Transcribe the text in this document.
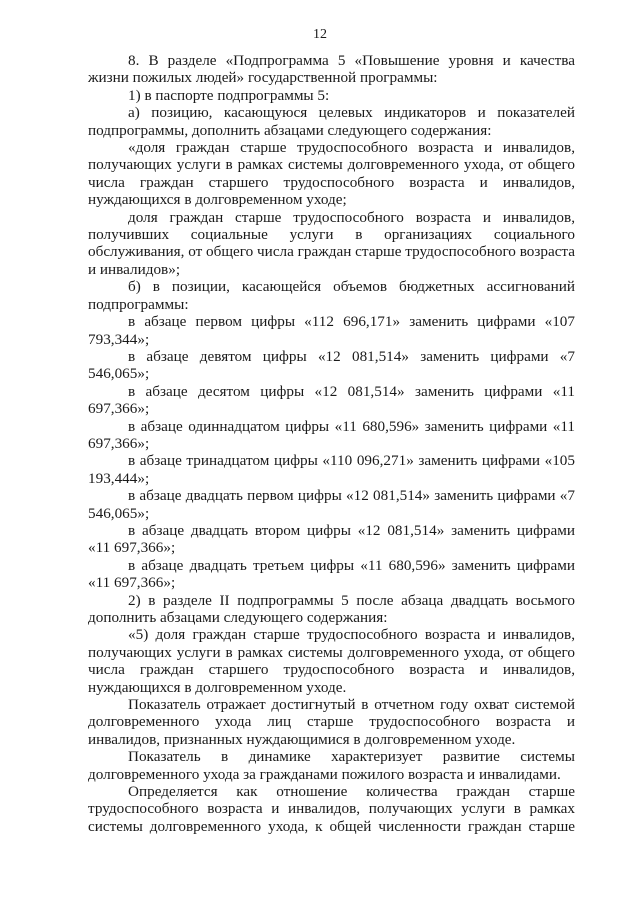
12

8. В разделе «Подпрограмма 5 «Повышение уровня и качества жизни пожилых людей» государственной программы:

1) в паспорте подпрограммы 5:

а) позицию, касающуюся целевых индикаторов и показателей подпрограммы, дополнить абзацами следующего содержания:

«доля граждан старше трудоспособного возраста и инвалидов, получающих услуги в рамках системы долговременного ухода, от общего числа граждан старшего трудоспособного возраста и инвалидов, нуждающихся в долговременном уходе;

доля граждан старше трудоспособного возраста и инвалидов, получивших социальные услуги в организациях социального обслуживания, от общего числа граждан старше трудоспособного возраста и инвалидов»;

б) в позиции, касающейся объемов бюджетных ассигнований подпрограммы:

в абзаце первом цифры «112 696,171» заменить цифрами «107 793,344»;

в абзаце девятом цифры «12 081,514» заменить цифрами «7 546,065»;

в абзаце десятом цифры «12 081,514» заменить цифрами «11 697,366»;

в абзаце одиннадцатом цифры «11 680,596» заменить цифрами «11 697,366»;

в абзаце тринадцатом цифры «110 096,271» заменить цифрами «105 193,444»;

в абзаце двадцать первом цифры «12 081,514» заменить цифрами «7 546,065»;

в абзаце двадцать втором цифры «12 081,514» заменить цифрами «11 697,366»;

в абзаце двадцать третьем цифры «11 680,596» заменить цифрами «11 697,366»;

2) в разделе II подпрограммы 5 после абзаца двадцать восьмого дополнить абзацами следующего содержания:

«5) доля граждан старше трудоспособного возраста и инвалидов, получающих услуги в рамках системы долговременного ухода, от общего числа граждан старшего трудоспособного возраста и инвалидов, нуждающихся в долговременном уходе.

Показатель отражает достигнутый в отчетном году охват системой долговременного ухода лиц старше трудоспособного возраста и инвалидов, признанных нуждающимися в долговременном уходе.

Показатель в динамике характеризует развитие системы долговременного ухода за гражданами пожилого возраста и инвалидами.

Определяется как отношение количества граждан старше трудоспособного возраста и инвалидов, получающих услуги в рамках системы долговременного ухода, к общей численности граждан старше
